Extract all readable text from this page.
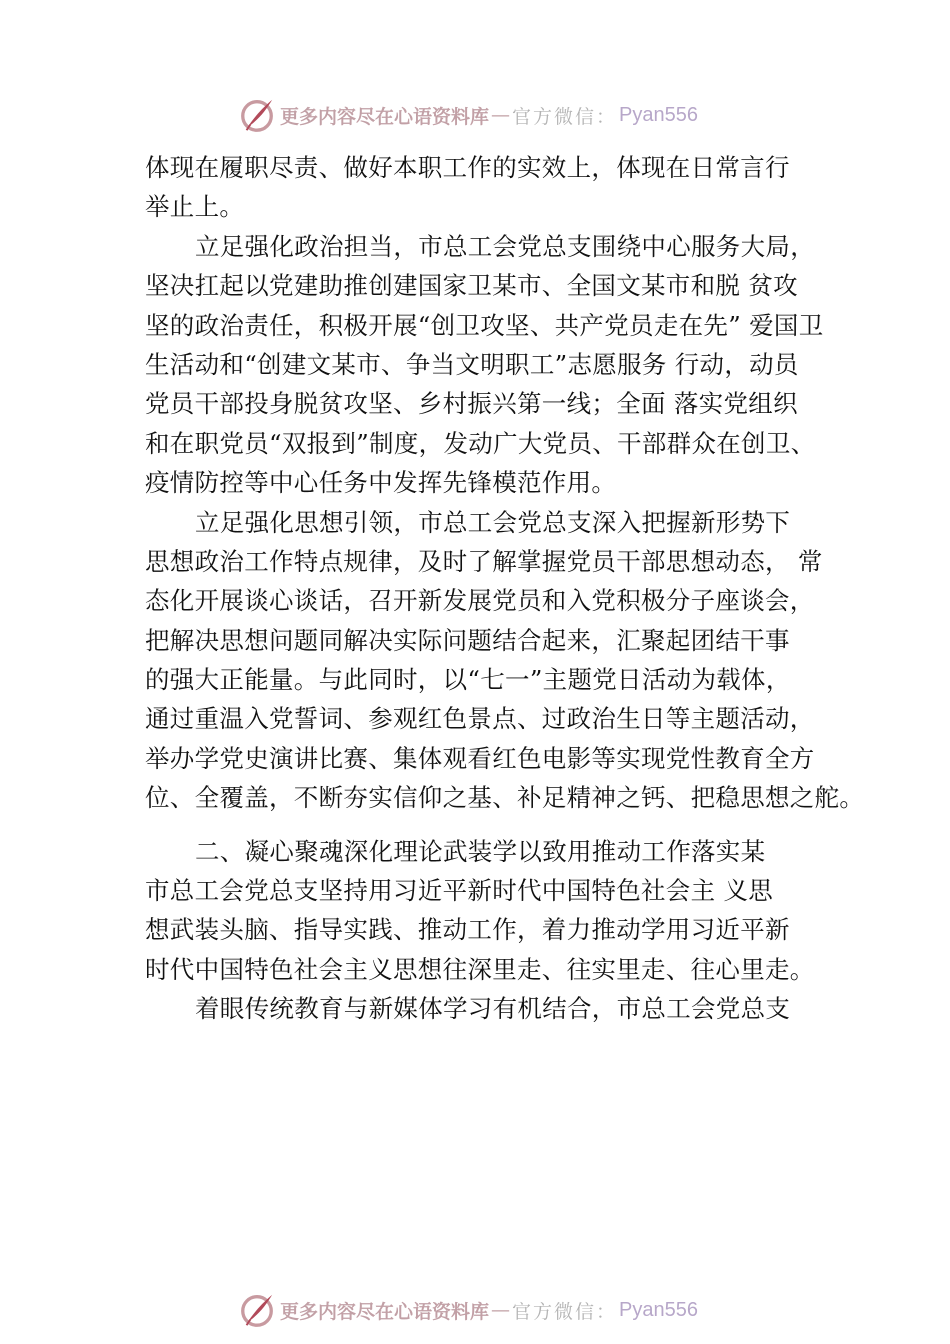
更多内容尽在心语资料库 — 官方微信 ： Pyan556
体现在履职尽责、做好本职工作的实效上，体现在日常言行
举止上。
立足强化政治担当，市总工会党总支围绕中心服务大局，
坚决扛起以党建助推创建国家卫某市、全国文某市和脱 贫攻
坚的政治责任，积极开展“创卫攻坚、共产党员走在先” 爱国卫
生活动和“创建文某市、争当文明职工”志愿服务 行动，动员
党员干部投身脱贫攻坚、乡村振兴第一线；全面 落实党组织
和在职党员“双报到”制度，发动广大党员、干部群众在创卫、
疫情防控等中心任务中发挥先锋模范作用。
立足强化思想引领，市总工会党总支深入把握新形势下
思想政治工作特点规律，及时了解掌握党员干部思想动态， 常
态化开展谈心谈话，召开新发展党员和入党积极分子座谈会，
把解决思想问题同解决实际问题结合起来，汇聚起团结干事
的强大正能量。与此同时，以“七一”主题党日活动为载体，
通过重温入党誓词、参观红色景点、过政治生日等主题活动，
举办学党史演讲比赛、集体观看红色电影等实现党性教育全方
位、全覆盖，不断夯实信仰之基、补足精神之钙、把稳思想之舵。
二、凝心聚魂深化理论武装学以致用推动工作落实某
市总工会党总支坚持用习近平新时代中国特色社会主 义思
想武装头脑、指导实践、推动工作，着力推动学用习近平新
时代中国特色社会主义思想往深里走、往实里走、往心里走。
着眼传统教育与新媒体学习有机结合，市总工会党总支
更多内容尽在心语资料库 — 官方微信 ： Pyan556
